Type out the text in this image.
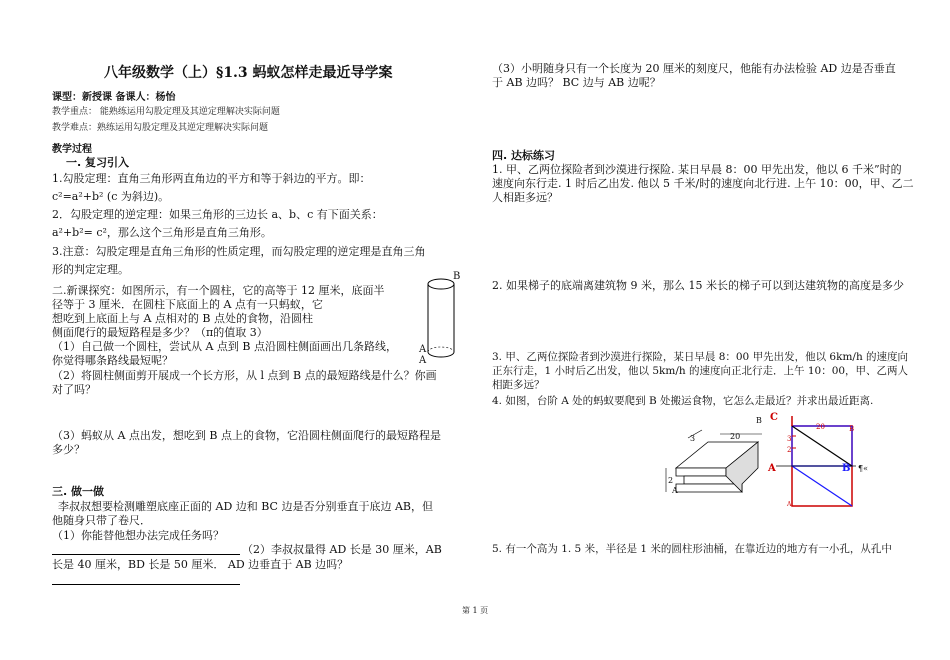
八年级数学（上）§1.3 蚂蚁怎样走最近导学案
课型：新授课 备课人：杨怡
教学重点： 能熟练运用勾股定理及其逆定理解决实际问题
教学难点：熟练运用勾股定理及其逆定理解决实际问题
教学过程
一. 复习引入
1.勾股定理：直角三角形两直角边的平方和等于斜边的平方。即：
c²=a²+b² (c 为斜边)。
2．勾股定理的逆定理：如果三角形的三边长 a、b、c 有下面关系：
a²+b²= c²，那么这个三角形是直角三角形。
3.注意：勾股定理是直角三角形的性质定理，而勾股定理的逆定理是直角三角
形的判定定理。
二.新课探究：如图所示，有一个圆柱，它的高等于 12 厘米，底面半
径等于 3 厘米．在圆柱下底面上的 A 点有一只蚂蚁，它
想吃到上底面上与 A 点相对的 B 点处的食物，沿圆柱
侧面爬行的最短路程是多少？（π的值取 3）
（1）自己做一个圆柱，尝试从 A 点到 B 点沿圆柱侧面画出几条路线，
你觉得哪条路线最短呢？
（2）将圆柱侧面剪开展成一个长方形，从 l 点到 B 点的最短路线是什么？你画
对了吗？
（3）蚂蚁从 A 点出发，想吃到 B 点上的食物，它沿圆柱侧面爬行的最短路程是
多少？
B
A
A
三. 做一做
李叔叔想要检测雕塑底座正面的 AD 边和 BC 边是否分别垂直于底边 AB，但
他随身只带了卷尺．
（1）你能替他想办法完成任务吗？
（2）李叔叔量得 AD 长是 30 厘米，AB
长是 40 厘米，BD 长是 50 厘米． AD 边垂直于 AB 边吗？
（3）小明随身只有一个长度为 20 厘米的刻度尺，他能有办法检验 AD 边是否垂直
于 AB 边吗？ BC 边与 AB 边呢？
四. 达标练习
1. 甲、乙两位探险者到沙漠进行探险. 某日早晨 8：00 甲先出发，他以 6 千米”时的
速度向东行走. 1 时后乙出发. 他以 5 千米/时的速度向北行进. 上午 10：00，甲、乙二
人相距多远？
2. 如果梯子的底端离建筑物 9 米，那么 15 米长的梯子可以到达建筑物的高度是多少
3. 甲、乙两位探险者到沙漠进行探险，某日早晨 8：00 甲先出发，他以 6km/h 的速度向
正东行走，1 小时后乙出发，他以 5km/h 的速度向正北行走．上午 10：00，甲、乙两人
相距多远？
4. 如图，台阶 A 处的蚂蚁要爬到 B 处搬运食物，它怎么走最近？并求出最近距离.
20
3
2
A
B C
20	B
3
2
A	B ¶«
A
5. 有一个高为 1. 5 米，半径是 1 米的圆柱形油桶，在靠近边的地方有一小孔，从孔中
第 1 页
